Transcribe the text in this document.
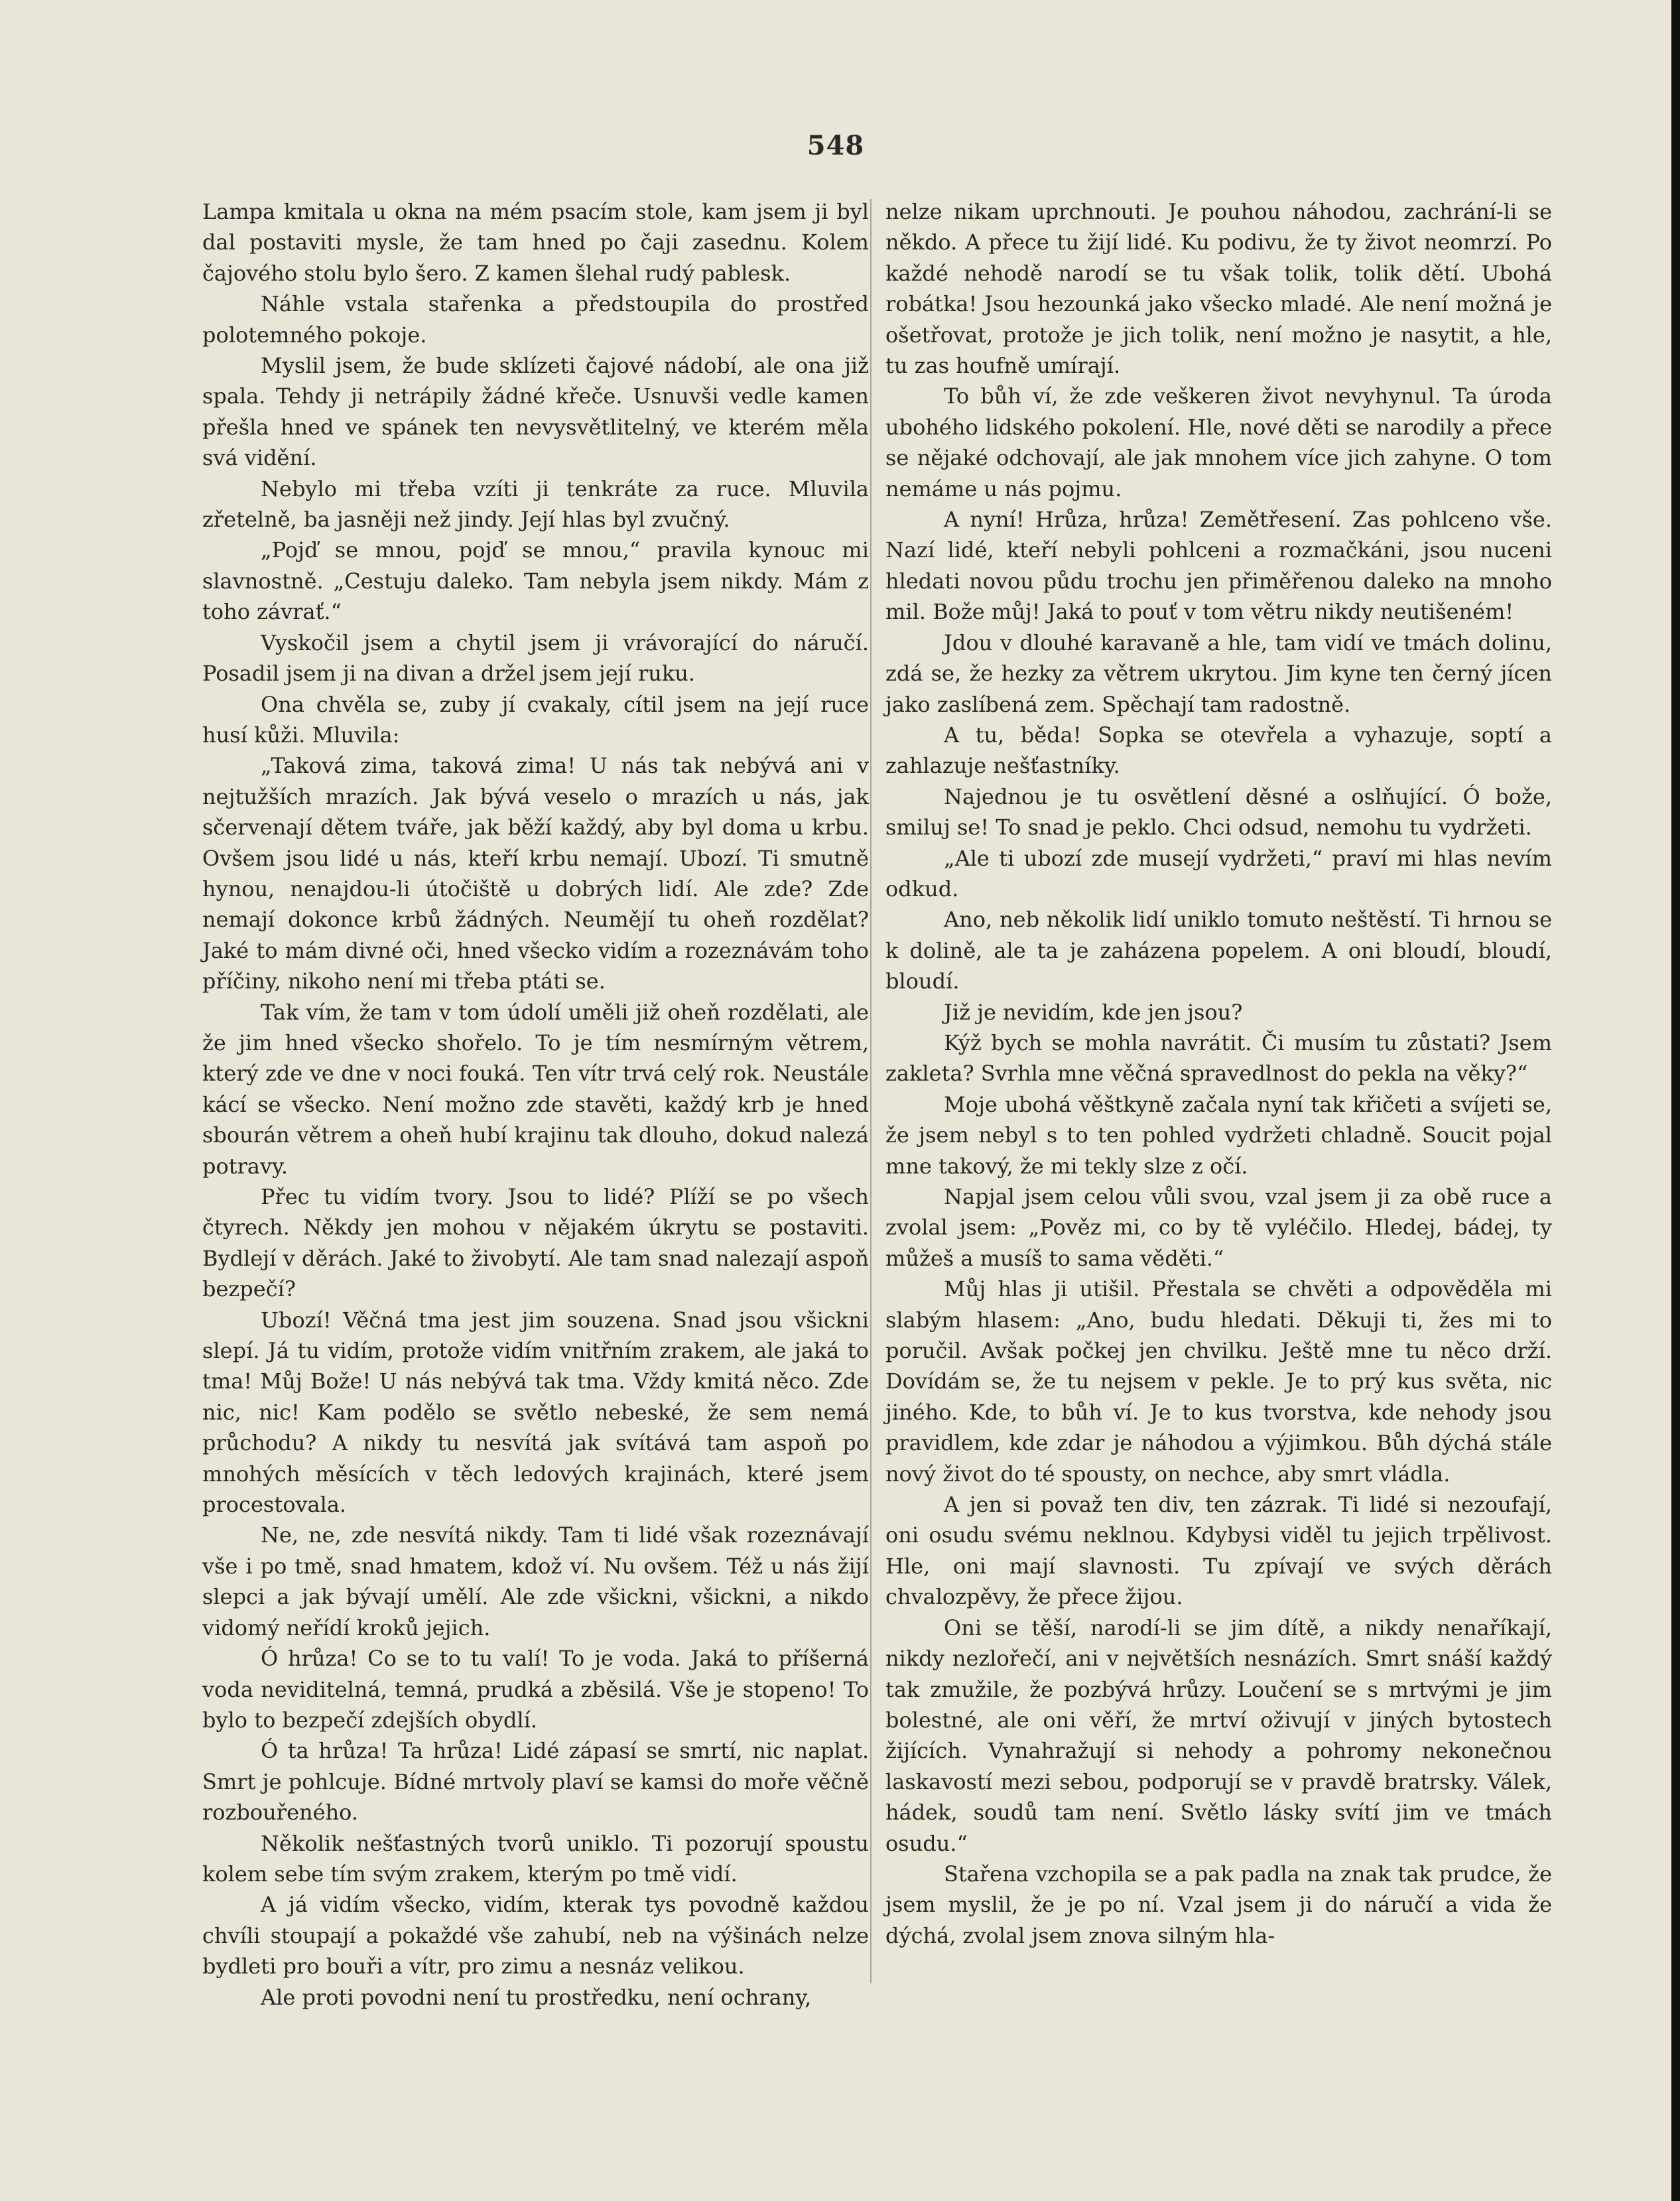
548

Lampa kmitala u okna na mém psacím stole, kam jsem ji byl dal postaviti mysle, že tam hned po čaji zasednu. Kolem čajového stolu bylo šero. Z kamen šlehal rudý pablesk.

Náhle vstala stařenka a předstoupila do prostřed polotemného pokoje.

Myslil jsem, že bude sklízeti čajové nádobí, ale ona již spala. Tehdy ji netrápily žádné křeče. Usnuvši vedle kamen přešla hned ve spánek ten nevysvětlitelný, ve kterém měla svá vidění.

Nebylo mi třeba vzíti ji tenkráte za ruce. Mluvila zřetelně, ba jasněji než jindy. Její hlas byl zvučný.

„Pojď se mnou, pojď se mnou,“ pravila kynouc mi slavnostně. „Cestuju daleko. Tam nebyla jsem nikdy. Mám z toho závrať.“

Vyskočil jsem a chytil jsem ji vrávorající do náručí. Posadil jsem ji na divan a držel jsem její ruku.

Ona chvěla se, zuby jí cvakaly, cítil jsem na její ruce husí kůži. Mluvila:

„Taková zima, taková zima! U nás tak nebývá ani v nejtužších mrazích. Jak bývá veselo o mrazích u nás, jak sčervenají dětem tváře, jak běží každý, aby byl doma u krbu. Ovšem jsou lidé u nás, kteří krbu nemají. Ubozí. Ti smutně hynou, nenajdou-li útočiště u dobrých lidí. Ale zde? Zde nemají dokonce krbů žádných. Neumějí tu oheň rozdělat? Jaké to mám divné oči, hned všecko vidím a rozeznávám toho příčiny, nikoho není mi třeba ptáti se.

Tak vím, že tam v tom údolí uměli již oheň rozdělati, ale že jim hned všecko shořelo. To je tím nesmírným větrem, který zde ve dne v noci fouká. Ten vítr trvá celý rok. Neustále kácí se všecko. Není možno zde stavěti, každý krb je hned sbourán větrem a oheň hubí krajinu tak dlouho, dokud nalezá potravy.

Přec tu vidím tvory. Jsou to lidé? Plíží se po všech čtyrech. Někdy jen mohou v nějakém úkrytu se postaviti. Bydlejí v děrách. Jaké to živobytí. Ale tam snad nalezají aspoň bezpečí?

Ubozí! Věčná tma jest jim souzena. Snad jsou všickni slepí. Já tu vidím, protože vidím vnitřním zrakem, ale jaká to tma! Můj Bože! U nás nebývá tak tma. Vždy kmitá něco. Zde nic, nic! Kam podělo se světlo nebeské, že sem nemá průchodu? A nikdy tu nesvítá jak svítává tam aspoň po mnohých měsících v těch ledových krajinách, které jsem procestovala.

Ne, ne, zde nesvítá nikdy. Tam ti lidé však rozeznávají vše i po tmě, snad hmatem, kdož ví. Nu ovšem. Též u nás žijí slepci a jak bývají umělí. Ale zde všickni, všickni, a nikdo vidomý neřídí kroků jejich.

Ó hrůza! Co se to tu valí! To je voda. Jaká to příšerná voda neviditelná, temná, prudká a zběsilá. Vše je stopeno! To bylo to bezpečí zdejších obydlí.

Ó ta hrůza! Ta hrůza! Lidé zápasí se smrtí, nic naplat. Smrt je pohlcuje. Bídné mrtvoly plaví se kamsi do moře věčně rozbouřeného.

Několik nešťastných tvorů uniklo. Ti pozorují spoustu kolem sebe tím svým zrakem, kterým po tmě vidí.

A já vidím všecko, vidím, kterak tys povodně každou chvíli stoupají a pokaždé vše zahubí, neb na výšinách nelze bydleti pro bouři a vítr, pro zimu a nesnáz velikou.

Ale proti povodni není tu prostředku, není ochrany,

nelze nikam uprchnouti. Je pouhou náhodou, zachrání-li se někdo. A přece tu žijí lidé. Ku podivu, že ty život neomrzí. Po každé nehodě narodí se tu však tolik, tolik dětí. Ubohá robátka! Jsou hezounká jako všecko mladé. Ale není možná je ošetřovat, protože je jich tolik, není možno je nasytit, a hle, tu zas houfně umírají.

To bůh ví, že zde veškeren život nevyhynul. Ta úroda ubohého lidského pokolení. Hle, nové děti se narodily a přece se nějaké odchovají, ale jak mnohem více jich zahyne. O tom nemáme u nás pojmu.

A nyní! Hrůza, hrůza! Zemětřesení. Zas pohlceno vše. Nazí lidé, kteří nebyli pohlceni a rozmačkáni, jsou nuceni hledati novou půdu trochu jen přiměřenou daleko na mnoho mil. Bože můj! Jaká to pouť v tom větru nikdy neutišeném!

Jdou v dlouhé karavaně a hle, tam vidí ve tmách dolinu, zdá se, že hezky za větrem ukrytou. Jim kyne ten černý jícen jako zaslíbená zem. Spěchají tam radostně.

A tu, běda! Sopka se otevřela a vyhazuje, soptí a zahlazuje nešťastníky.

Najednou je tu osvětlení děsné a oslňující. Ó bože, smiluj se! To snad je peklo. Chci odsud, nemohu tu vydržeti.

„Ale ti ubozí zde musejí vydržeti,“ praví mi hlas nevím odkud.

Ano, neb několik lidí uniklo tomuto neštěstí. Ti hrnou se k dolině, ale ta je zaházena popelem. A oni bloudí, bloudí, bloudí.

Již je nevidím, kde jen jsou?

Kýž bych se mohla navrátit. Či musím tu zůstati? Jsem zakleta? Svrhla mne věčná spravedlnost do pekla na věky?“

Moje ubohá věštkyně začala nyní tak křičeti a svíjeti se, že jsem nebyl s to ten pohled vydržeti chladně. Soucit pojal mne takový, že mi tekly slze z očí.

Napjal jsem celou vůli svou, vzal jsem ji za obě ruce a zvolal jsem: „Pověz mi, co by tě vyléčilo. Hledej, bádej, ty můžeš a musíš to sama věděti.“

Můj hlas ji utišil. Přestala se chvěti a odpověděla mi slabým hlasem: „Ano, budu hledati. Děkuji ti, žes mi to poručil. Avšak počkej jen chvilku. Ještě mne tu něco drží. Dovídám se, že tu nejsem v pekle. Je to prý kus světa, nic jiného. Kde, to bůh ví. Je to kus tvorstva, kde nehody jsou pravidlem, kde zdar je náhodou a výjimkou. Bůh dýchá stále nový život do té spousty, on nechce, aby smrt vládla.

A jen si považ ten div, ten zázrak. Ti lidé si nezoufají, oni osudu svému neklnou. Kdybysi viděl tu jejich trpělivost. Hle, oni mají slavnosti. Tu zpívají ve svých děrách chvalozpěvy, že přece žijou.

Oni se těší, narodí-li se jim dítě, a nikdy nenaříkají, nikdy nezlořečí, ani v největších nesnázích. Smrt snáší každý tak zmužile, že pozbývá hrůzy. Loučení se s mrtvými je jim bolestné, ale oni věří, že mrtví oživují v jiných bytostech žijících. Vynahražují si nehody a pohromy nekonečnou laskavostí mezi sebou, podporují se v pravdě bratrsky. Válek, hádek, soudů tam není. Světlo lásky svítí jim ve tmách osudu.“

Stařena vzchopila se a pak padla na znak tak prudce, že jsem myslil, že je po ní. Vzal jsem ji do náručí a vida že dýchá, zvolal jsem znova silným hla-
